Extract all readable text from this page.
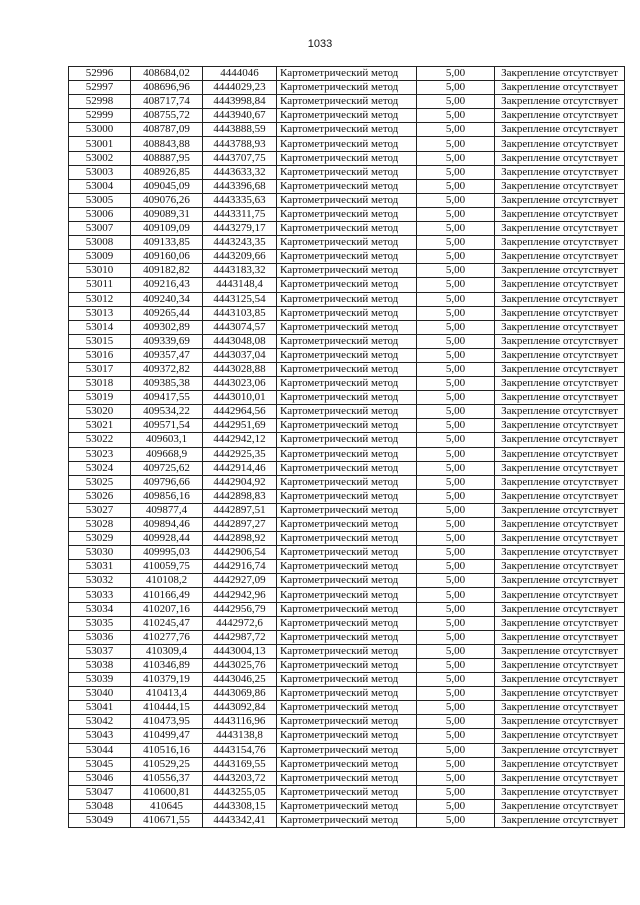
1033
52996	408684,02	4444046	Картометрический метод	5,00	Закрепление отсутствует
52997	408696,96	4444029,23	Картометрический метод	5,00	Закрепление отсутствует
52998	408717,74	4443998,84	Картометрический метод	5,00	Закрепление отсутствует
52999	408755,72	4443940,67	Картометрический метод	5,00	Закрепление отсутствует
53000	408787,09	4443888,59	Картометрический метод	5,00	Закрепление отсутствует
53001	408843,88	4443788,93	Картометрический метод	5,00	Закрепление отсутствует
53002	408887,95	4443707,75	Картометрический метод	5,00	Закрепление отсутствует
53003	408926,85	4443633,32	Картометрический метод	5,00	Закрепление отсутствует
53004	409045,09	4443396,68	Картометрический метод	5,00	Закрепление отсутствует
53005	409076,26	4443335,63	Картометрический метод	5,00	Закрепление отсутствует
53006	409089,31	4443311,75	Картометрический метод	5,00	Закрепление отсутствует
53007	409109,09	4443279,17	Картометрический метод	5,00	Закрепление отсутствует
53008	409133,85	4443243,35	Картометрический метод	5,00	Закрепление отсутствует
53009	409160,06	4443209,66	Картометрический метод	5,00	Закрепление отсутствует
53010	409182,82	4443183,32	Картометрический метод	5,00	Закрепление отсутствует
53011	409216,43	4443148,4	Картометрический метод	5,00	Закрепление отсутствует
53012	409240,34	4443125,54	Картометрический метод	5,00	Закрепление отсутствует
53013	409265,44	4443103,85	Картометрический метод	5,00	Закрепление отсутствует
53014	409302,89	4443074,57	Картометрический метод	5,00	Закрепление отсутствует
53015	409339,69	4443048,08	Картометрический метод	5,00	Закрепление отсутствует
53016	409357,47	4443037,04	Картометрический метод	5,00	Закрепление отсутствует
53017	409372,82	4443028,88	Картометрический метод	5,00	Закрепление отсутствует
53018	409385,38	4443023,06	Картометрический метод	5,00	Закрепление отсутствует
53019	409417,55	4443010,01	Картометрический метод	5,00	Закрепление отсутствует
53020	409534,22	4442964,56	Картометрический метод	5,00	Закрепление отсутствует
53021	409571,54	4442951,69	Картометрический метод	5,00	Закрепление отсутствует
53022	409603,1	4442942,12	Картометрический метод	5,00	Закрепление отсутствует
53023	409668,9	4442925,35	Картометрический метод	5,00	Закрепление отсутствует
53024	409725,62	4442914,46	Картометрический метод	5,00	Закрепление отсутствует
53025	409796,66	4442904,92	Картометрический метод	5,00	Закрепление отсутствует
53026	409856,16	4442898,83	Картометрический метод	5,00	Закрепление отсутствует
53027	409877,4	4442897,51	Картометрический метод	5,00	Закрепление отсутствует
53028	409894,46	4442897,27	Картометрический метод	5,00	Закрепление отсутствует
53029	409928,44	4442898,92	Картометрический метод	5,00	Закрепление отсутствует
53030	409995,03	4442906,54	Картометрический метод	5,00	Закрепление отсутствует
53031	410059,75	4442916,74	Картометрический метод	5,00	Закрепление отсутствует
53032	410108,2	4442927,09	Картометрический метод	5,00	Закрепление отсутствует
53033	410166,49	4442942,96	Картометрический метод	5,00	Закрепление отсутствует
53034	410207,16	4442956,79	Картометрический метод	5,00	Закрепление отсутствует
53035	410245,47	4442972,6	Картометрический метод	5,00	Закрепление отсутствует
53036	410277,76	4442987,72	Картометрический метод	5,00	Закрепление отсутствует
53037	410309,4	4443004,13	Картометрический метод	5,00	Закрепление отсутствует
53038	410346,89	4443025,76	Картометрический метод	5,00	Закрепление отсутствует
53039	410379,19	4443046,25	Картометрический метод	5,00	Закрепление отсутствует
53040	410413,4	4443069,86	Картометрический метод	5,00	Закрепление отсутствует
53041	410444,15	4443092,84	Картометрический метод	5,00	Закрепление отсутствует
53042	410473,95	4443116,96	Картометрический метод	5,00	Закрепление отсутствует
53043	410499,47	4443138,8	Картометрический метод	5,00	Закрепление отсутствует
53044	410516,16	4443154,76	Картометрический метод	5,00	Закрепление отсутствует
53045	410529,25	4443169,55	Картометрический метод	5,00	Закрепление отсутствует
53046	410556,37	4443203,72	Картометрический метод	5,00	Закрепление отсутствует
53047	410600,81	4443255,05	Картометрический метод	5,00	Закрепление отсутствует
53048	410645	4443308,15	Картометрический метод	5,00	Закрепление отсутствует
53049	410671,55	4443342,41	Картометрический метод	5,00	Закрепление отсутствует
